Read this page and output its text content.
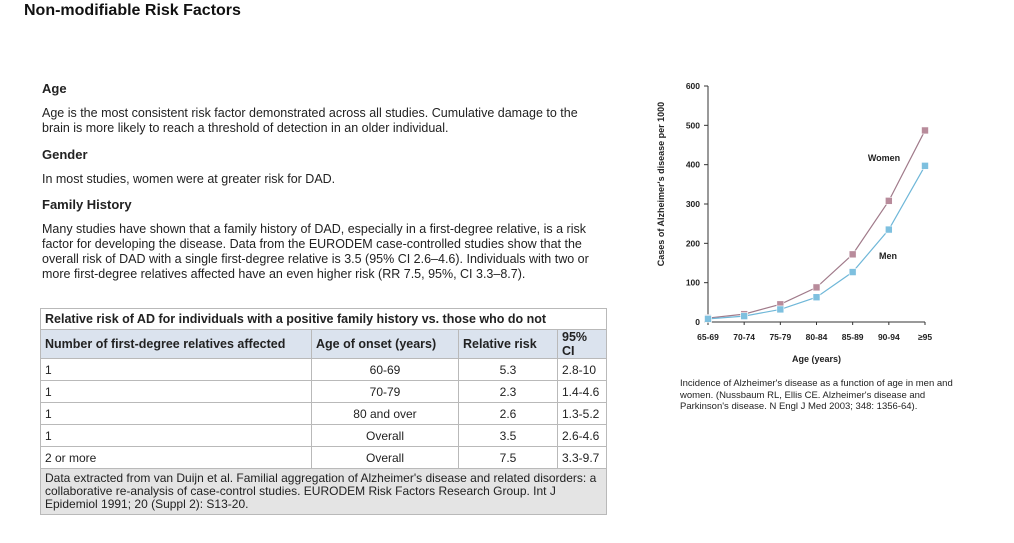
Non-modifiable Risk Factors
Age

Age is the most consistent risk factor demonstrated across all studies. Cumulative damage to the brain is more likely to reach a threshold of detection in an older individual.

Gender

In most studies, women were at greater risk for DAD.

Family History

Many studies have shown that a family history of DAD, especially in a first-degree relative, is a risk factor for developing the disease. Data from the EURODEM case-controlled studies show that the overall risk of DAD with a single first-degree relative is 3.5 (95% CI 2.6–4.6). Individuals with two or more first-degree relatives affected have an even higher risk (RR 7.5, 95%, CI 3.3–8.7).

Relative risk of AD for individuals with a positive family history vs. those who do not			
Number of first-degree relatives affected	Age of onset (years)	Relative risk	95% CI
1	60-69	5.3	2.8-10
1	70-79	2.3	1.4-4.6
1	80 and over	2.6	1.3-5.2
1	Overall	3.5	2.6-4.6
2 or more	Overall	7.5	3.3-9.7
Data extracted from van Duijn et al. Familial aggregation of Alzheimer's disease and related disorders: a collaborative re-analysis of case-control studies. EURODEM Risk Factors Research Group. Int J Epidemiol 1991; 20 (Suppl 2): S13-20.			
0
100
200
300
400
500
600
65-69 70-74 75-79 80-84 85-89 90-94 ≥95
Age (years)
Cases of Alzheimer's disease per 1000	Women
Men
Incidence of Alzheimer's disease as a function of age in men and women. (Nussbaum RL, Ellis CE. Alzheimer's disease and Parkinson's disease. N Engl J Med 2003; 348: 1356-64).
